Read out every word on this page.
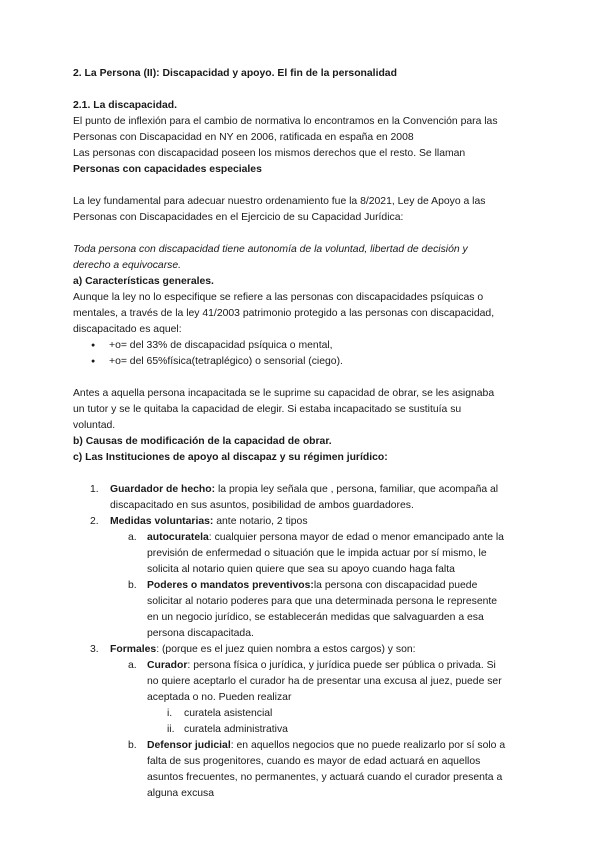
2. La Persona (II): Discapacidad y apoyo. El fin de la personalidad
2.1. La discapacidad.
El punto de inflexión para el cambio de normativa lo encontramos en la Convención para las
Personas con Discapacidad en NY en 2006, ratificada en españa en 2008
Las personas con discapacidad poseen los mismos derechos que el resto. Se llaman
Personas con capacidades especiales
La ley fundamental para adecuar nuestro ordenamiento fue la 8/2021, Ley de Apoyo a las
Personas con Discapacidades en el Ejercicio de su Capacidad Jurídica:
Toda persona con discapacidad tiene autonomía de la voluntad, libertad de decisión y
derecho a equivocarse.
a) Características generales.
Aunque la ley no lo especifique se refiere a las personas con discapacidades psíquicas o
mentales, a través de la ley 41/2003 patrimonio protegido a las personas con discapacidad,
discapacitado es aquel:
● +o= del 33% de discapacidad psíquica o mental,
● +o= del 65%física(tetraplégico) o sensorial (ciego).
Antes a aquella persona incapacitada se le suprime su capacidad de obrar, se les asignaba
un tutor y se le quitaba la capacidad de elegir. Si estaba incapacitado se sustituía su
voluntad.
b) Causas de modificación de la capacidad de obrar.
c) Las Instituciones de apoyo al discapaz y su régimen jurídico:
1. Guardador de hecho: la propia ley señala que , persona, familiar, que acompaña al
discapacitado en sus asuntos, posibilidad de ambos guardadores.
2. Medidas voluntarias: ante notario, 2 tipos
a. autocuratela: cualquier persona mayor de edad o menor emancipado ante la
previsión de enfermedad o situación que le impida actuar por sí mismo, le
solicita al notario quien quiere que sea su apoyo cuando haga falta
b. Poderes o mandatos preventivos:la persona con discapacidad puede
solicitar al notario poderes para que una determinada persona le represente
en un negocio jurídico, se establecerán medidas que salvaguarden a esa
persona discapacitada.
3. Formales: (porque es el juez quien nombra a estos cargos) y son:
a. Curador: persona física o jurídica, y jurídica puede ser pública o privada. Si
no quiere aceptarlo el curador ha de presentar una excusa al juez, puede ser
aceptada o no. Pueden realizar
i. curatela asistencial
ii. curatela administrativa
b. Defensor judicial: en aquellos negocios que no puede realizarlo por sí solo a
falta de sus progenitores, cuando es mayor de edad actuará en aquellos
asuntos frecuentes, no permanentes, y actuará cuando el curador presenta a
alguna excusa
